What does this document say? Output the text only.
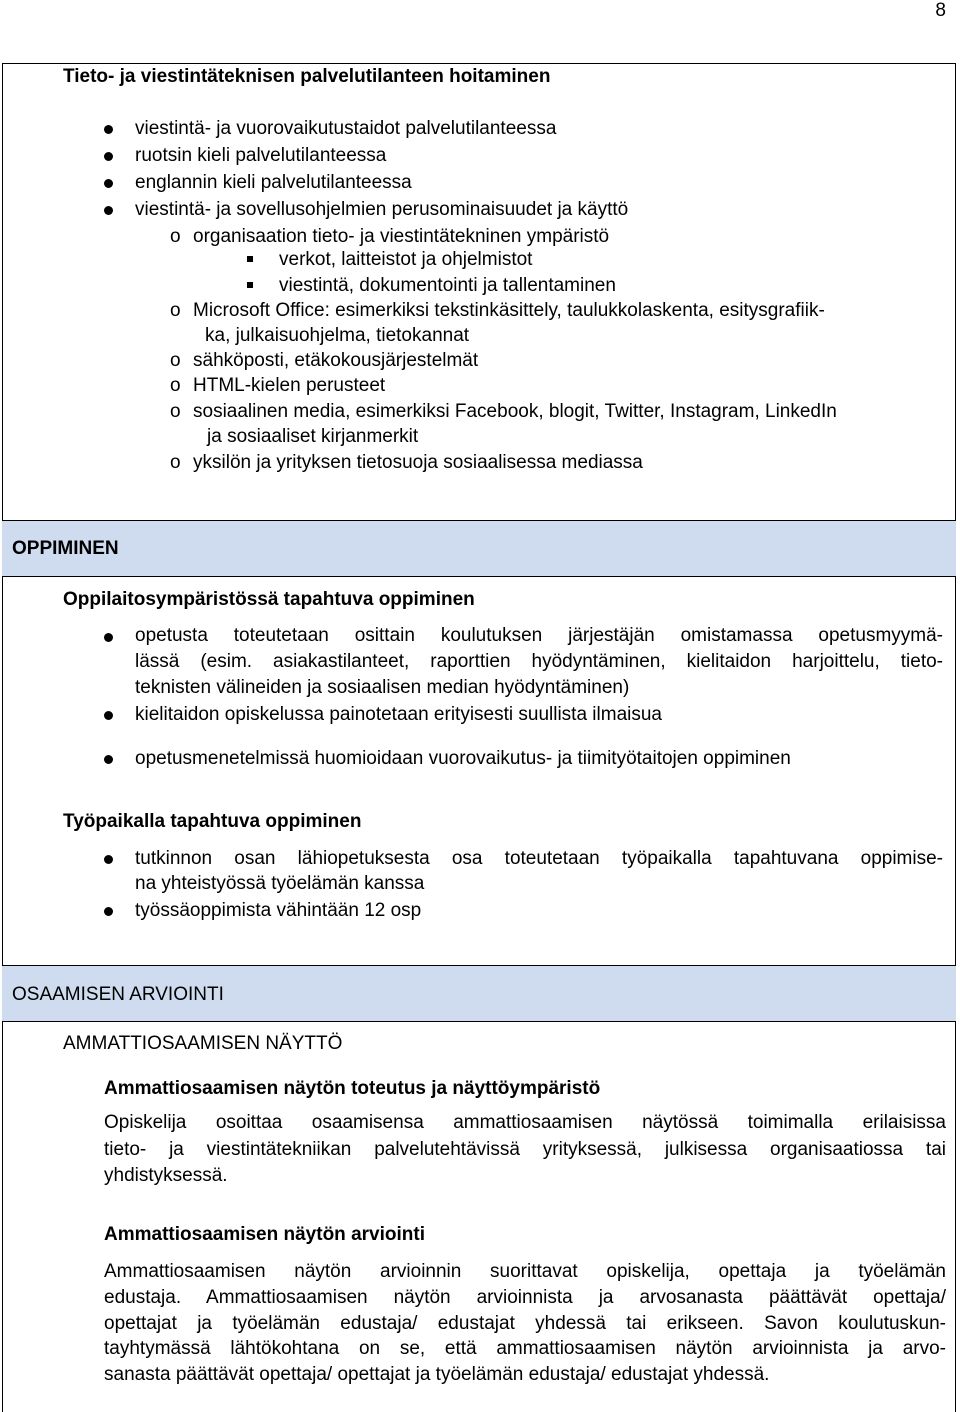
8
Tieto- ja viestintäteknisen palvelutilanteen hoitaminen
viestintä- ja vuorovaikutustaidot palvelutilanteessa
ruotsin kieli palvelutilanteessa
englannin kieli palvelutilanteessa
viestintä- ja sovellusohjelmien perusominaisuudet ja käyttö
o organisaation tieto- ja viestintätekninen ympäristö
verkot, laitteistot ja ohjelmistot
viestintä, dokumentointi ja tallentaminen
o Microsoft Office: esimerkiksi tekstinkäsittely, taulukkolaskenta, esitysgrafiik-
ka, julkaisuohjelma, tietokannat
o sähköposti, etäkokousjärjestelmät
o HTML-kielen perusteet
o sosiaalinen media, esimerkiksi Facebook, blogit, Twitter, Instagram, LinkedIn
ja sosiaaliset kirjanmerkit
o yksilön ja yrityksen tietosuoja sosiaalisessa mediassa
OPPIMINEN
Oppilaitosympäristössä tapahtuva oppiminen
opetusta toteutetaan osittain koulutuksen järjestäjän omistamassa opetusmyymä-
lässä (esim. asiakastilanteet, raporttien hyödyntäminen, kielitaidon harjoittelu, tieto-
teknisten välineiden ja sosiaalisen median hyödyntäminen)
kielitaidon opiskelussa painotetaan erityisesti suullista ilmaisua
opetusmenetelmissä huomioidaan vuorovaikutus- ja tiimityötaitojen oppiminen
Työpaikalla tapahtuva oppiminen
tutkinnon osan lähiopetuksesta osa toteutetaan työpaikalla tapahtuvana oppimise-
na yhteistyössä työelämän kanssa
työssäoppimista vähintään 12 osp
OSAAMISEN ARVIOINTI
AMMATTIOSAAMISEN NÄYTTÖ
Ammattiosaamisen näytön toteutus ja näyttöympäristö
Opiskelija osoittaa osaamisensa ammattiosaamisen näytössä toimimalla erilaisissa
tieto- ja viestintätekniikan palvelutehtävissä yrityksessä, julkisessa organisaatiossa tai
yhdistyksessä.
Ammattiosaamisen näytön arviointi
Ammattiosaamisen näytön arvioinnin suorittavat opiskelija, opettaja ja työelämän
edustaja. Ammattiosaamisen näytön arvioinnista ja arvosanasta päättävät opettaja/
opettajat ja työelämän edustaja/ edustajat yhdessä tai erikseen. Savon koulutuskun-
tayhtymässä lähtökohtana on se, että ammattiosaamisen näytön arvioinnista ja arvo-
sanasta päättävät opettaja/ opettajat ja työelämän edustaja/ edustajat yhdessä.
